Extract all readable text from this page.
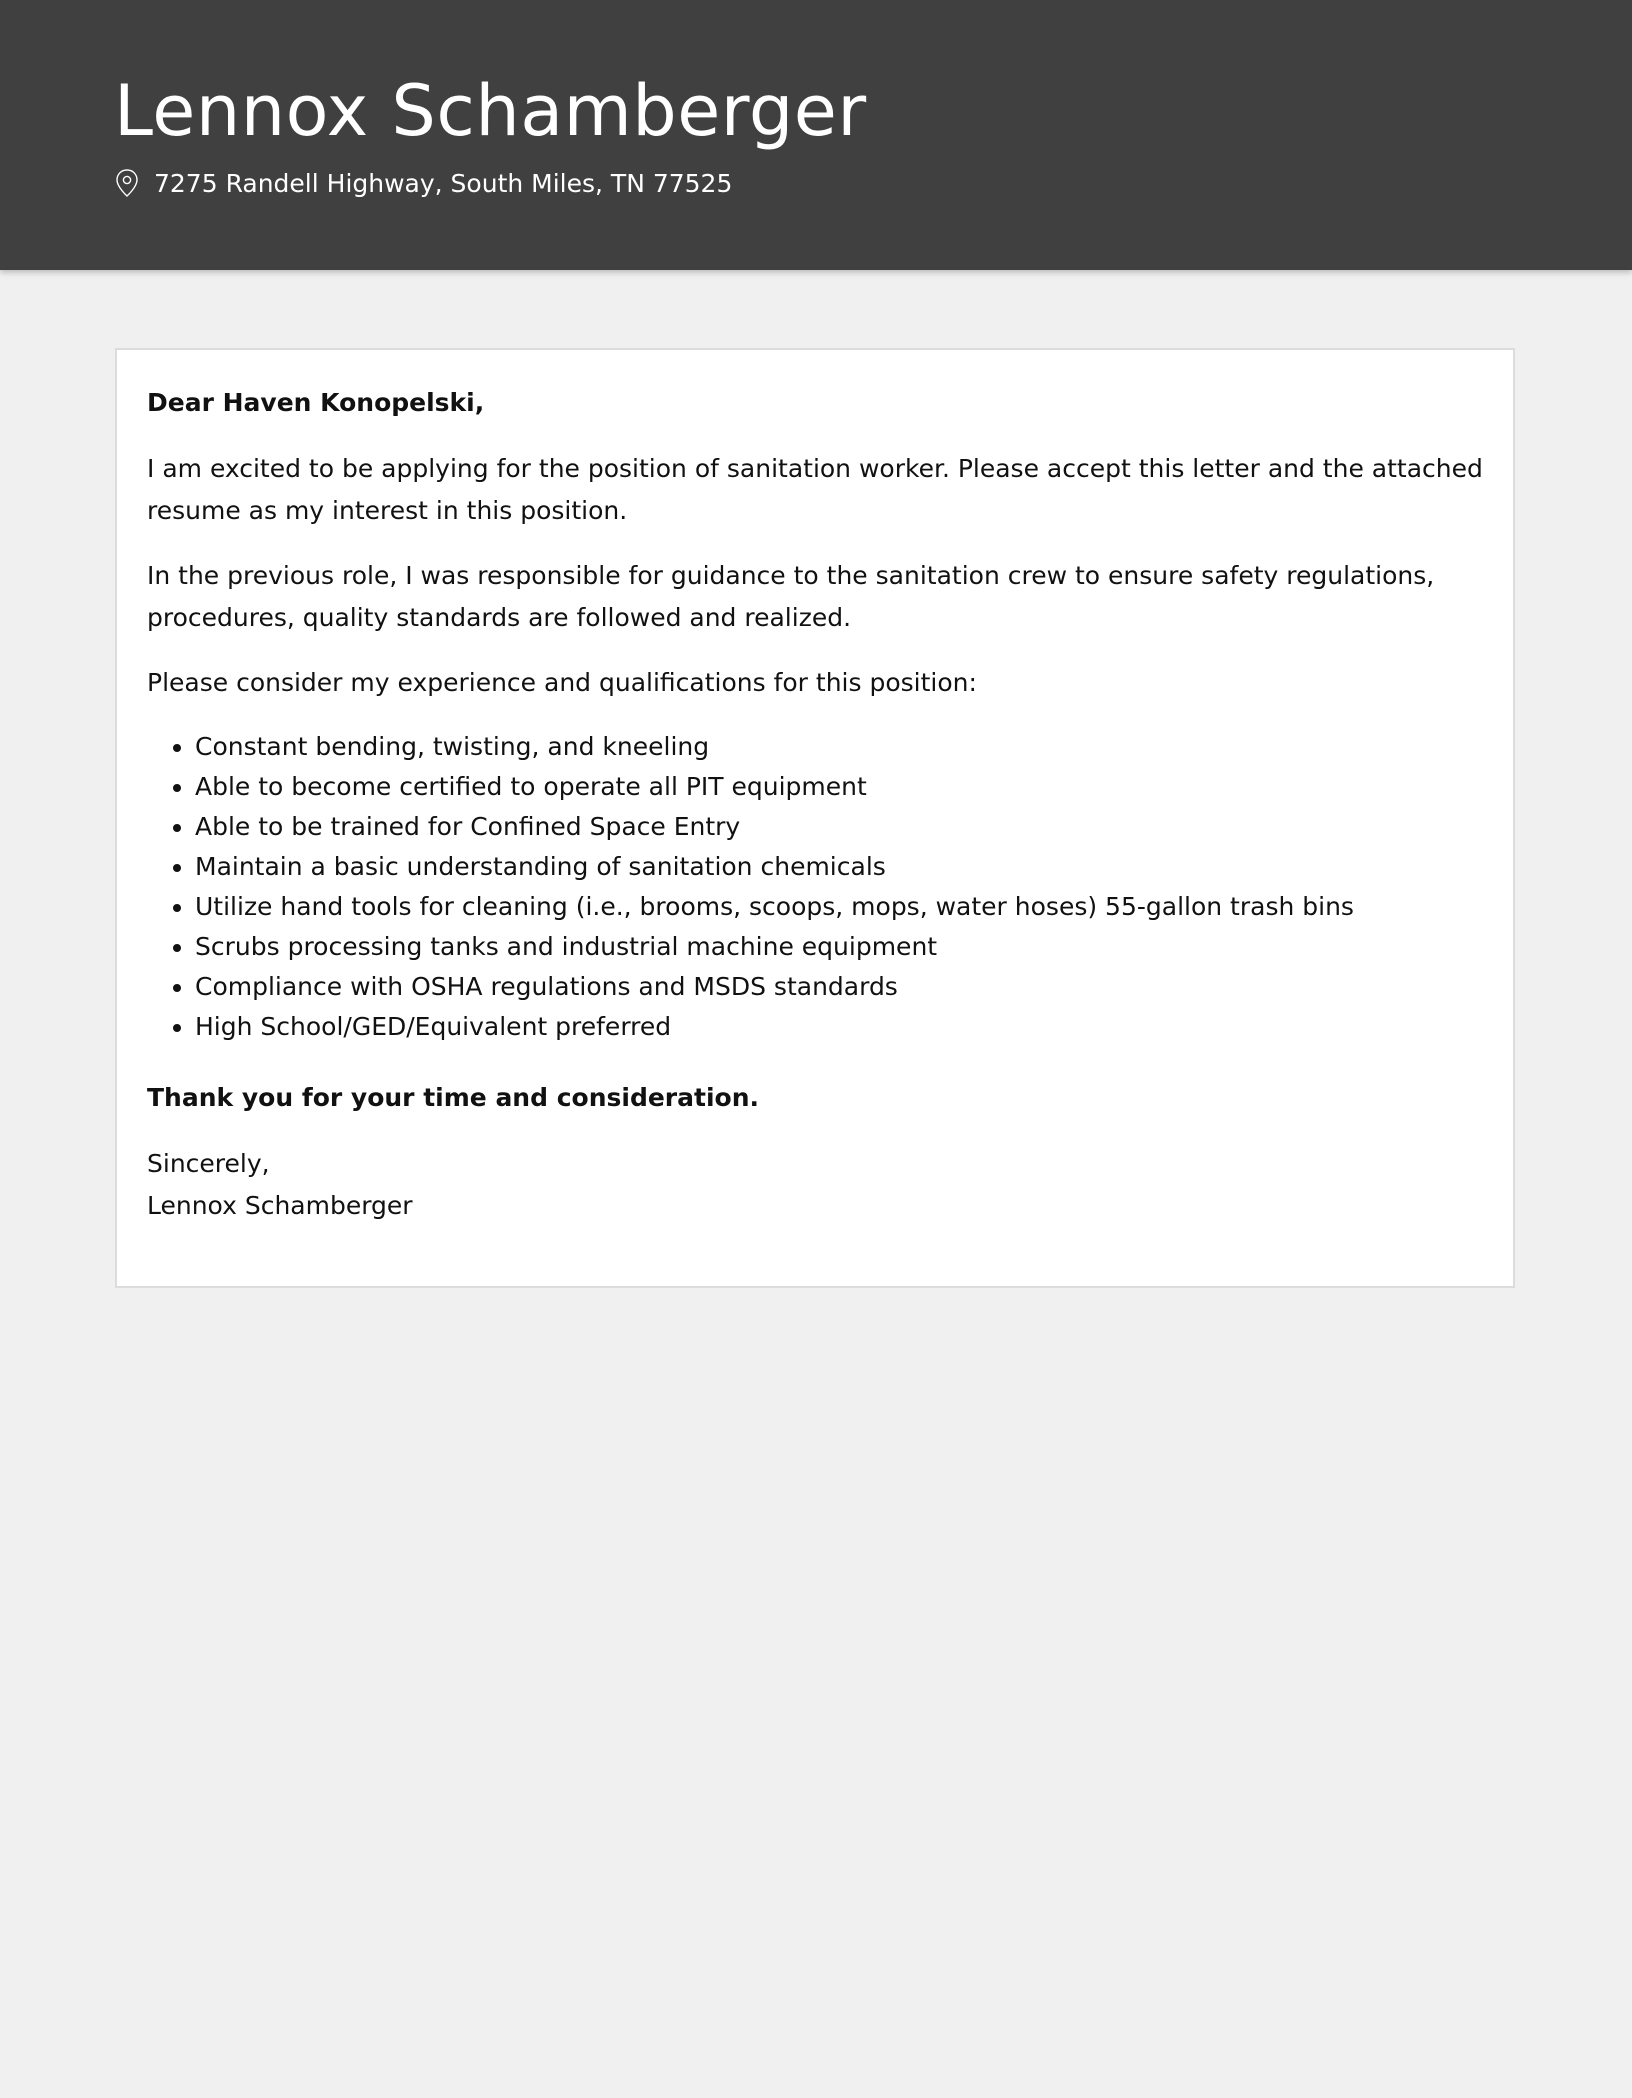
Lennox Schamberger
7275 Randell Highway, South Miles, TN 77525

Dear Haven Konopelski,

I am excited to be applying for the position of sanitation worker. Please accept this letter and the attached resume as my interest in this position.

In the previous role, I was responsible for guidance to the sanitation crew to ensure safety regulations, procedures, quality standards are followed and realized.

Please consider my experience and qualifications for this position:

• Constant bending, twisting, and kneeling
• Able to become certified to operate all PIT equipment
• Able to be trained for Confined Space Entry
• Maintain a basic understanding of sanitation chemicals
• Utilize hand tools for cleaning (i.e., brooms, scoops, mops, water hoses) 55-gallon trash bins
• Scrubs processing tanks and industrial machine equipment
• Compliance with OSHA regulations and MSDS standards
• High School/GED/Equivalent preferred

Thank you for your time and consideration.

Sincerely,

Lennox Schamberger
